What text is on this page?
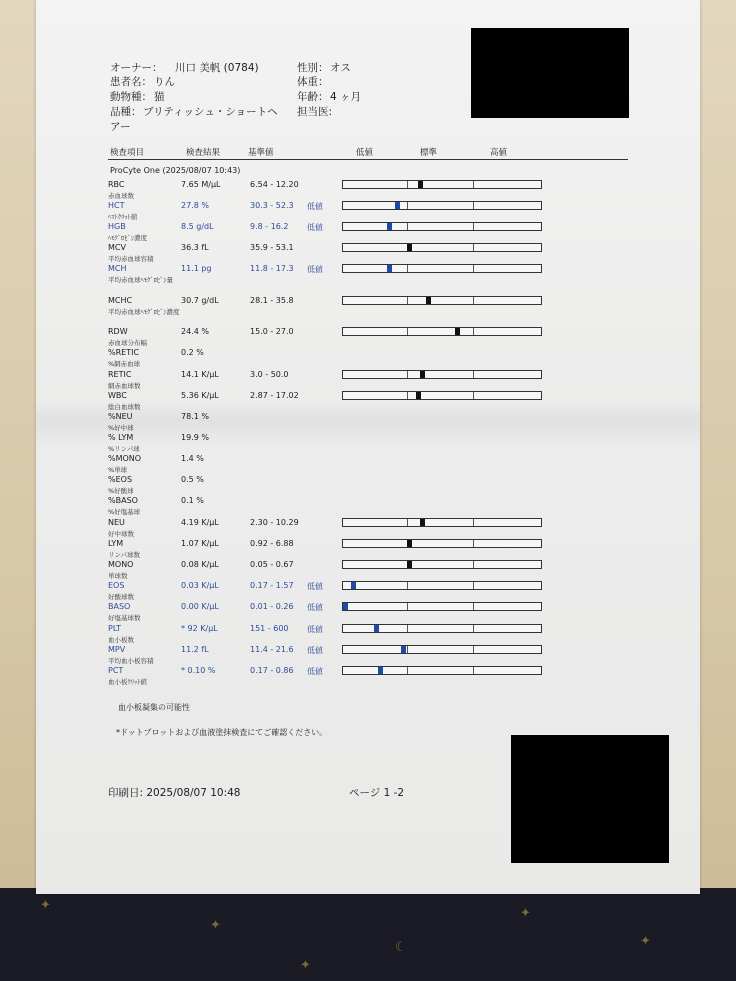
✦
✦
☾
✦
✦
✦
オーナー： 川口 美帆 (0784)
患者名： りん
動物種： 猫
品種： ブリティッシュ・ショートヘ
アー
性別： オス
体重：
年齢： 4 ヶ月
担当医:
検査項目	検査結果	基準値	低値	標準	高値
ProCyte One (2025/08/07 10:43)
RBC
赤血球数
7.65 M/μL	6.54 - 12.20
HCT
ﾍﾏﾄｸﾘｯﾄ値
27.8 %	30.3 - 52.3 低値
HGB
ﾍﾓｸﾞﾛﾋﾞﾝ濃度
8.5 g/dL	9.8 - 16.2 低値
MCV
平均赤血球容積
36.3 fL	35.9 - 53.1
MCH
平均赤血球ﾍﾓｸﾞﾛﾋﾞﾝ量
11.1 pg	11.8 - 17.3 低値
MCHC
平均赤血球ﾍﾓｸﾞﾛﾋﾞﾝ濃度
30.7 g/dL	28.1 - 35.8
RDW
赤血球分布幅
24.4 %	15.0 - 27.0
%RETIC
%網赤血球
0.2 %
RETIC
網赤血球数
14.1 K/μL	3.0 - 50.0
WBC
総白血球数
5.36 K/μL	2.87 - 17.02
%NEU
%好中球
78.1 %
% LYM
%リンパ球
19.9 %
%MONO
%単球
1.4 %
%EOS
%好酸球
0.5 %
%BASO
%好塩基球
0.1 %
NEU
好中球数
4.19 K/μL	2.30 - 10.29
LYM
リンパ球数
1.07 K/μL	0.92 - 6.88
MONO
単球数
0.08 K/μL	0.05 - 0.67
EOS
好酸球数
0.03 K/μL	0.17 - 1.57 低値
BASO
好塩基球数
0.00 K/μL	0.01 - 0.26 低値
PLT
血小板数
* 92 K/μL	151 - 600 低値
MPV
平均血小板容積
11.2 fL	11.4 - 21.6 低値
PCT
血小板ｸﾘｯﾄ値
* 0.10 %	0.17 - 0.86 低値
血小板凝集の可能性
*ドットプロットおよび血液塗抹検査にてご確認ください。
印刷日: 2025/08/07 10:48	ページ 1 -2
